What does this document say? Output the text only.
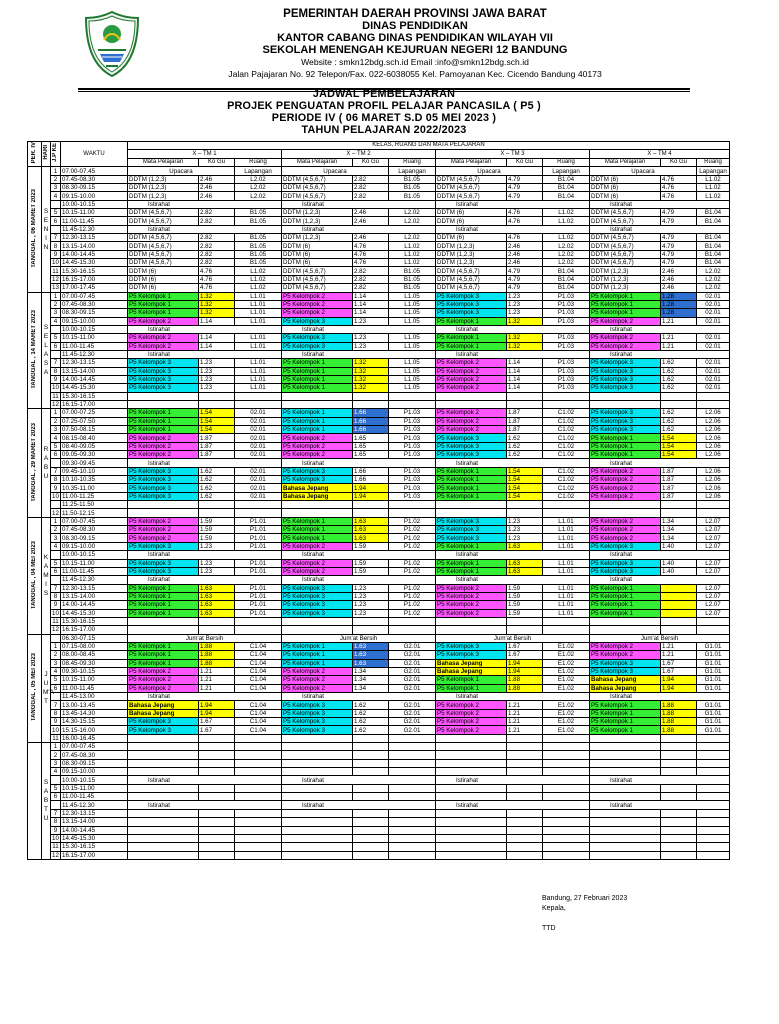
PEMERINTAH DAERAH PROVINSI JAWA BARAT
DINAS PENDIDIKAN
KANTOR CABANG DINAS PENDIDIKAN WILAYAH VII
SEKOLAH MENENGAH KEJURUAN NEGERI 12 BANDUNG
Website : smkn12bdg.sch.id Email :info@smkn12bdg.sch.id
Jalan Pajajaran No. 92 Telepon/Fax. 022-6038055 Kel. Pamoyanan Kec. Cicendo Bandung 40173
JADWAL PEMBELAJARAN
PROJEK PENGUATAN PROFIL PELAJAR PANCASILA ( P5 )
PERIODE IV ( 06 MARET S.D 05 MEI 2023 )
TAHUN PELAJARAN 2022/2023
PER. IV	HARI	J.P KE	WAKTU	KELAS, RUANG DAN MATA PELAJARAN											
				X – TM 1			X – TM 2			X – TM 3			X – TM 4		
				Mata Pelajaran	Ko Gu	Ruang	Mata Pelajaran	Ko Gu	Ruang	Mata Pelajaran	Ko Gu	Ruang	Mata Pelajaran	Ko Gu	Ruang
TANGGAL , 06 MARET 2023	SENIN	1	07.00-07.45	Upacara		Lapangan	Upacara		Lapangan	Upacara		Lapangan	Upacara		Lapangan
		2	07.45-08.30	DDTM (1,2,3)	2.46	L2.02	DDTM (4,5,6,7)	2.82	B1.05	DDTM (4,5,6,7)	4.79	B1.04	DDTM (6)	4.76	L1.02
		3	08.30-09.15	DDTM (1,2,3)	2.46	L2.02	DDTM (4,5,6,7)	2.82	B1.05	DDTM (4,5,6,7)	4.79	B1.04	DDTM (6)	4.76	L1.02
		4	09.15-10.00	DDTM (1,2,3)	2.46	L2.02	DDTM (4,5,6,7)	2.82	B1.05	DDTM (4,5,6,7)	4.79	B1.04	DDTM (6)	4.76	L1.02
			10.00-10.15	Istirahat			Istirahat			Istirahat			Istirahat		
		5	10.15-11.00	DDTM (4,5,6,7)	2.82	B1.05	DDTM (1,2,3)	2.46	L2.02	DDTM (6)	4.76	L1.02	DDTM (4,5,6,7)	4.79	B1.04
		6	11.00-11.45	DDTM (4,5,6,7)	2.82	B1.05	DDTM (1,2,3)	2.46	L2.02	DDTM (6)	4.76	L1.02	DDTM (4,5,6,7)	4.79	B1.04
			11.45-12.30	Istirahat			Istirahat			Istirahat			Istirahat		
		7	12.30-13.15	DDTM (4,5,6,7)	2.82	B1.05	DDTM (1,2,3)	2.46	L2.02	DDTM (6)	4.76	L1.02	DDTM (4,5,6,7)	4.79	B1.04
		8	13.15-14.00	DDTM (4,5,6,7)	2.82	B1.05	DDTM (6)	4.76	L1.02	DDTM (1,2,3)	2.46	L2.02	DDTM (4,5,6,7)	4.79	B1.04
		9	14.00-14.45	DDTM (4,5,6,7)	2.82	B1.05	DDTM (6)	4.76	L1.02	DDTM (1,2,3)	2.46	L2.02	DDTM (4,5,6,7)	4.79	B1.04
		10	14.45-15.30	DDTM (4,5,6,7)	2.82	B1.05	DDTM (6)	4.76	L1.02	DDTM (1,2,3)	2.46	L2.02	DDTM (4,5,6,7)	4.79	B1.04
		11	15.30-16.15	DDTM (6)	4.76	L1.02	DDTM (4,5,6,7)	2.82	B1.05	DDTM (4,5,6,7)	4.79	B1.04	DDTM (1,2,3)	2.46	L2.02
		12	16.15-17.00	DDTM (6)	4.76	L1.02	DDTM (4,5,6,7)	2.82	B1.05	DDTM (4,5,6,7)	4.79	B1.04	DDTM (1,2,3)	2.46	L2.02
		13	17.00-17.45	DDTM (6)	4.76	L1.02	DDTM (4,5,6,7)	2.82	B1.05	DDTM (4,5,6,7)	4.79	B1.04	DDTM (1,2,3)	2.46	L2.02
TANGGAL , 14 MARET 2023	SELASA	1	07.00-07.45	P5 Kelompok 1	1.32	L1.01	P5 Kelompok 2	1.14	L1.05	P5 Kelompok 3	1.23	P1.03	P5 Kelompok 1	1.28	02.01
		2	07.45-08.30	P5 Kelompok 1	1.32	L1.01	P5 Kelompok 2	1.14	L1.05	P5 Kelompok 3	1.23	P1.03	P5 Kelompok 1	1.28	02.01
		3	08.30-09.15	P5 Kelompok 1	1.32	L1.01	P5 Kelompok 2	1.14	L1.05	P5 Kelompok 3	1.23	P1.03	P5 Kelompok 1	1.28	02.01
		4	09.15-10.00	P5 Kelompok 2	1.14	L1.01	P5 Kelompok 3	1.23	L1.05	P5 Kelompok 1	1.32	P1.03	P5 Kelompok 2	1.21	02.01
			10.00-10.15	Istirahat			Istirahat			Istirahat			Istirahat		
		5	10.15-11.00	P5 Kelompok 2	1.14	L1.01	P5 Kelompok 3	1.23	L1.05	P5 Kelompok 1	1.32	P1.03	P5 Kelompok 2	1.21	02.01
		6	11.00-11.45	P5 Kelompok 2	1.14	L1.01	P5 Kelompok 3	1.23	L1.05	P5 Kelompok 1	1.32	P1.03	P5 Kelompok 2	1.21	02.01
			11.45-12.30	Istirahat			Istirahat			Istirahat			Istirahat		
		7	12.30-13.15	P5 Kelompok 3	1.23	L1.01	P5 Kelompok 1	1.32	L1.05	P5 Kelompok 2	1.14	P1.03	P5 Kelompok 3	1.62	02.01
		8	13.15-14.00	P5 Kelompok 3	1.23	L1.01	P5 Kelompok 1	1.32	L1.05	P5 Kelompok 2	1.14	P1.03	P5 Kelompok 3	1.62	02.01
		9	14.00-14.45	P5 Kelompok 3	1.23	L1.01	P5 Kelompok 1	1.32	L1.05	P5 Kelompok 2	1.14	P1.03	P5 Kelompok 3	1.62	02.01
		10	14.45-15.30	P5 Kelompok 3	1.23	L1.01	P5 Kelompok 1	1.32	L1.05	P5 Kelompok 2	1.14	P1.03	P5 Kelompok 3	1.62	02.01
		11	15.30-16.15												
		12	16.15-17.00												
TANGGAL , 29 MARET 2023	RABU	1	07.00-07.25	P5 Kelompok 1	1.54	02.01	P5 Kelompok 1	1.66	P1.03	P5 Kelompok 2	1.87	C1.02	P5 Kelompok 3	1.62	L2.06
		2	07.25-07.50	P5 Kelompok 1	1.54	02.01	P5 Kelompok 1	1.66	P1.03	P5 Kelompok 2	1.87	C1.02	P5 Kelompok 3	1.62	L2.06
		3	07.50-08.15	P5 Kelompok 1	1.54	02.01	P5 Kelompok 1	1.66	P1.03	P5 Kelompok 2	1.87	C1.02	P5 Kelompok 3	1.62	L2.06
		4	08.15-08.40	P5 Kelompok 2	1.87	02.01	P5 Kelompok 2	1.65	P1.03	P5 Kelompok 3	1.62	C1.02	P5 Kelompok 1	1.54	L2.06
		5	08.40-09.05	P5 Kelompok 2	1.87	02.01	P5 Kelompok 2	1.65	P1.03	P5 Kelompok 3	1.62	C1.02	P5 Kelompok 1	1.54	L2.06
		6	09.05-09.30	P5 Kelompok 2	1.87	02.01	P5 Kelompok 2	1.65	P1.03	P5 Kelompok 3	1.62	C1.02	P5 Kelompok 1	1.54	L2.06
			09.30-09.45	Istirahat			Istirahat			Istirahat			Istirahat		
		7	09.45-10.10	P5 Kelompok 3	1.62	02.01	P5 Kelompok 3	1.66	P1.03	P5 Kelompok 1	1.54	C1.02	P5 Kelompok 2	1.87	L2.06
		8	10.10-10.35	P5 Kelompok 3	1.62	02.01	P5 Kelompok 3	1.66	P1.03	P5 Kelompok 1	1.54	C1.02	P5 Kelompok 2	1.87	L2.06
		9	10.35-11.00	P5 Kelompok 3	1.62	02.01	Bahasa Jepang	1.94	P1.03	P5 Kelompok 1	1.54	C1.02	P5 Kelompok 2	1.87	L2.06
		10	11.00-11.25	P5 Kelompok 3	1.62	02.01	Bahasa Jepang	1.94	P1.03	P5 Kelompok 1	1.54	C1.02	P5 Kelompok 2	1.87	L2.06
			11.25-11.50												
		12	11.50-12.15												
TANGGAL , 04 MEI 2023	KAMIS	1	07.00-07.45	P5 Kelompok 2	1.59	P1.01	P5 Kelompok 1	1.63	P1.02	P5 Kelompok 3	1.23	L1.01	P5 Kelompok 2	1.34	L2.07
		2	07.45-08.30	P5 Kelompok 2	1.59	P1.01	P5 Kelompok 1	1.63	P1.02	P5 Kelompok 3	1.23	L1.01	P5 Kelompok 2	1.34	L2.07
		3	08.30-09.15	P5 Kelompok 2	1.59	P1.01	P5 Kelompok 1	1.63	P1.02	P5 Kelompok 3	1.23	L1.01	P5 Kelompok 2	1.34	L2.07
		4	09.15-10.00	P5 Kelompok 3	1.23	P1.01	P5 Kelompok 2	1.59	P1.02	P5 Kelompok 1	1.63	L1.01	P5 Kelompok 3	1.40	L2.07
			10.00-10.15	Istirahat			Istirahat			Istirahat			Istirahat		
		5	10.15-11.00	P5 Kelompok 3	1.23	P1.01	P5 Kelompok 2	1.59	P1.02	P5 Kelompok 1	1.63	L1.01	P5 Kelompok 3	1.40	L2.07
		6	11.00-11.45	P5 Kelompok 3	1.23	P1.01	P5 Kelompok 2	1.59	P1.02	P5 Kelompok 1	1.63	L1.01	P5 Kelompok 3	1.40	L2.07
			11.45-12.30	Istirahat			Istirahat			Istirahat			Istirahat		
		7	12.30-13.15	P5 Kelompok 1	1.63	P1.01	P5 Kelompok 3	1.23	P1.02	P5 Kelompok 2	1.59	L1.01	P5 Kelompok 1	1.88	L2.07
		8	13.15-14.00	P5 Kelompok 1	1.63	P1.01	P5 Kelompok 3	1.23	P1.02	P5 Kelompok 2	1.59	L1.01	P5 Kelompok 1	1.88	L2.07
		9	14.00-14.45	P5 Kelompok 1	1.63	P1.01	P5 Kelompok 3	1.23	P1.02	P5 Kelompok 2	1.59	L1.01	P5 Kelompok 1	1.88	L2.07
		10	14.45-15.30	P5 Kelompok 1	1.63	P1.01	P5 Kelompok 3	1.23	P1.02	P5 Kelompok 2	1.59	L1.01	P5 Kelompok 1	1.88	L2.07
		11	15.30-16.15												
		12	16.15-17.00												
TANGGAL , 05 MEI 2023	JUM'AT		06.30-07.15	Jum'at Bersih			Jum'at Bersih			Jum'at Bersih			Jum'at Bersih		
		1	07.15-08.00	P5 Kelompok 1	1.88	C1.04	P5 Kelompok 1	1.63	G2.01	P5 Kelompok 3	1.67	E1.02	P5 Kelompok 2	1.21	G1.01
		2	08.00-08.45	P5 Kelompok 1	1.88	C1.04	P5 Kelompok 1	1.63	G2.01	P5 Kelompok 3	1.67	E1.02	P5 Kelompok 2	1.21	G1.01
		3	08.45-09.30	P5 Kelompok 1	1.88	C1.04	P5 Kelompok 1	1.63	G2.01	Bahasa Jepang	1.94	E1.02	P5 Kelompok 3	1.67	G1.01
		4	09.30-10.15	P5 Kelompok 2	1.21	C1.04	P5 Kelompok 2	1.34	G2.01	Bahasa Jepang	1.94	E1.02	P5 Kelompok 3	1.67	G1.01
		5	10.15-11.00	P5 Kelompok 2	1.21	C1.04	P5 Kelompok 2	1.34	G2.01	P5 Kelompok 1	1.88	E1.02	Bahasa Jepang	1.94	G1.01
		6	11.00-11.45	P5 Kelompok 2	1.21	C1.04	P5 Kelompok 2	1.34	G2.01	P5 Kelompok 1	1.88	E1.02	Bahasa Jepang	1.94	G1.01
			11.45-13.00	Istirahat			Istirahat			Istirahat			Istirahat		
		7	13.00-13.45	Bahasa Jepang	1.94	C1.04	P5 Kelompok 3	1.62	G2.01	P5 Kelompok 2	1.21	E1.02	P5 Kelompok 1	1.88	G1.01
		8	13.45-14.30	Bahasa Jepang	1.94	C1.04	P5 Kelompok 3	1.62	G2.01	P5 Kelompok 2	1.21	E1.02	P5 Kelompok 1	1.88	G1.01
		9	14.30-15.15	P5 Kelompok 3	1.67	C1.04	P5 Kelompok 3	1.62	G2.01	P5 Kelompok 2	1.21	E1.02	P5 Kelompok 1	1.88	G1.01
		10	15.15-16.00	P5 Kelompok 3	1.67	C1.04	P5 Kelompok 3	1.62	G2.01	P5 Kelompok 2	1.21	E1.02	P5 Kelompok 1	1.88	G1.01
		11	16.00-16.45												

	SABTU	1	07.00-07.45												
		2	07.45-08.30												
		3	08.30-09.15												
		4	09.15-10.00												
			10.00-10.15	Istirahat			Istirahat			Istirahat			Istirahat		
		5	10.15-11.00												
		6	11.00-11.45												
			11.45-12.30	Istirahat			Istirahat			Istirahat			Istirahat		
		7	12.30-13.15												
		8	13.15-14.00												
		9	14.00-14.45												
		10	14.45-15.30												
		11	15.30-16.15												
		12	16.15-17.00												
Bandung, 27 Februari 2023
Kepala,
TTD
